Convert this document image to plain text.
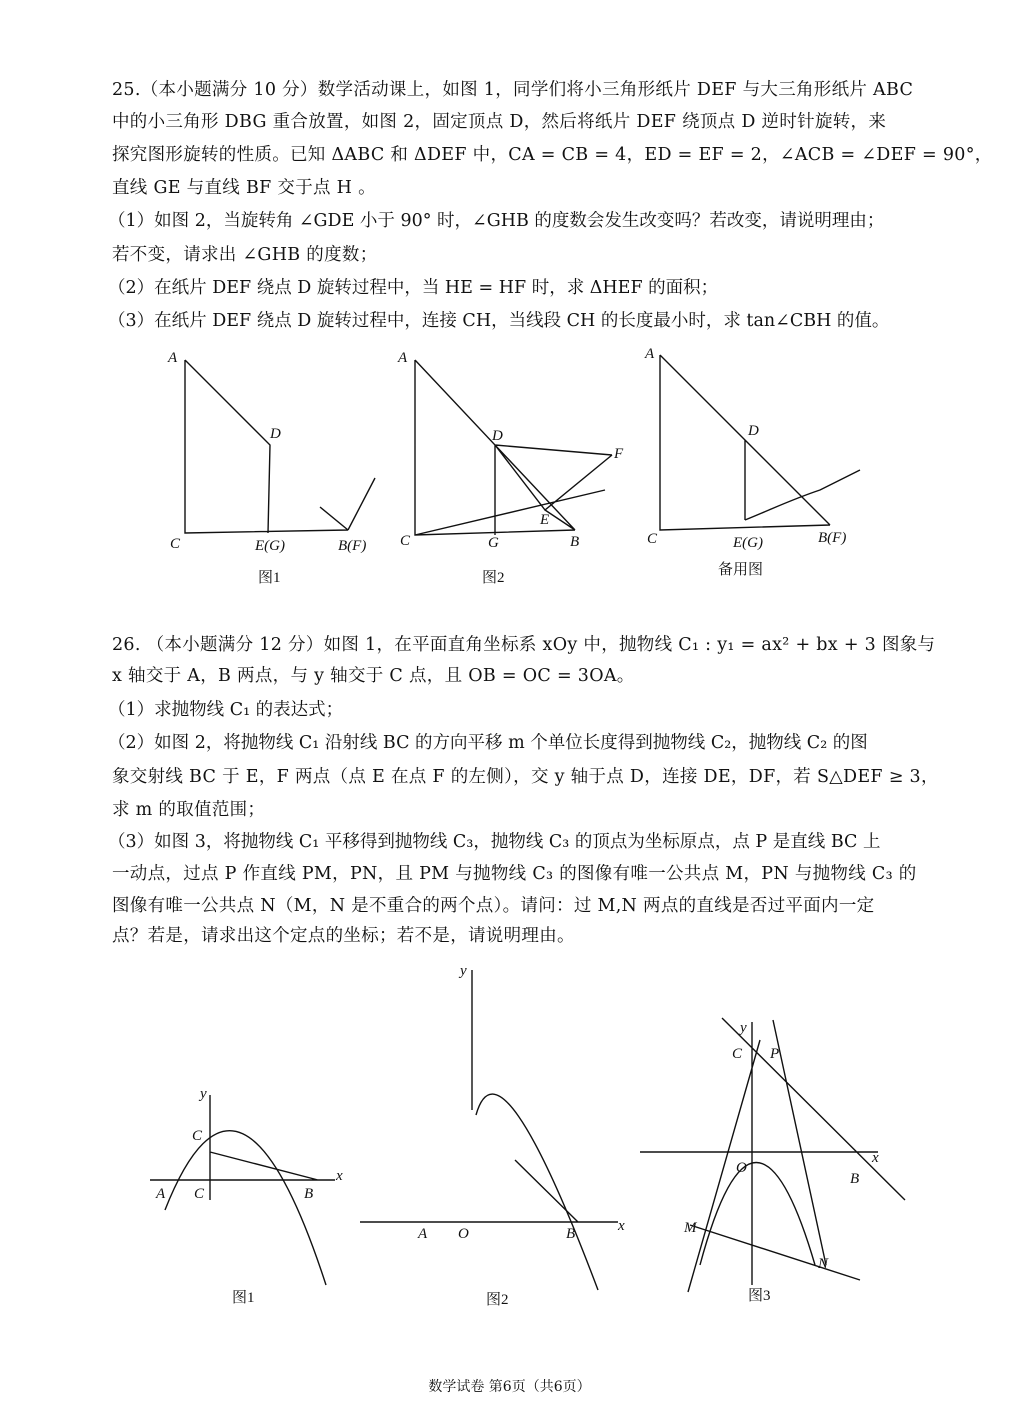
25.（本小题满分 10 分）数学活动课上，如图 1，同学们将小三角形纸片 DEF 与大三角形纸片 ABC
中的小三角形 DBG 重合放置，如图 2，固定顶点 D，然后将纸片 DEF 绕顶点 D 逆时针旋转，来
探究图形旋转的性质。已知 ΔABC 和 ΔDEF 中，CA = CB = 4，ED = EF = 2，∠ACB = ∠DEF = 90°，
直线 GE 与直线 BF 交于点 H 。
（1）如图 2，当旋转角 ∠GDE 小于 90° 时，∠GHB 的度数会发生改变吗？若改变，请说明理由；
若不变，请求出 ∠GHB 的度数；
（2）在纸片 DEF 绕点 D 旋转过程中，当 HE = HF 时，求 ΔHEF 的面积；
（3）在纸片 DEF 绕点 D 旋转过程中，连接 CH，当线段 CH 的长度最小时，求 tan∠CBH 的值。
26. （本小题满分 12 分）如图 1，在平面直角坐标系 xOy 中，抛物线 C₁ : y₁ = ax² + bx + 3 图象与
x 轴交于 A，B 两点，与 y 轴交于 C 点，且 OB = OC = 3OA。
（1）求抛物线 C₁ 的表达式；
（2）如图 2，将抛物线 C₁ 沿射线 BC 的方向平移 m 个单位长度得到抛物线 C₂，抛物线 C₂ 的图
象交射线 BC 于 E，F 两点（点 E 在点 F 的左侧），交 y 轴于点 D，连接 DE，DF，若 S△DEF ≥ 3，
求 m 的取值范围；
（3）如图 3，将抛物线 C₁ 平移得到抛物线 C₃，抛物线 C₃ 的顶点为坐标原点，点 P 是直线 BC 上
一动点，过点 P 作直线 PM，PN，且 PM 与抛物线 C₃ 的图像有唯一公共点 M，PN 与抛物线 C₃ 的
图像有唯一公共点 N（M，N 是不重合的两个点）。请问：过 M,N 两点的直线是否过平面内一定
点？若是，请求出这个定点的坐标；若不是，请说明理由。
A
D
C	E(G)	B(F)
图1
A
D
F
C	G
E
B
图2
A
D
C	E(G)	B(F)
备用图
y
C
A C	B
x
图1
y
A O	B	x
图2
y
C P
O
x
B
M
N
图3
数学试卷 第6页（共6页）
